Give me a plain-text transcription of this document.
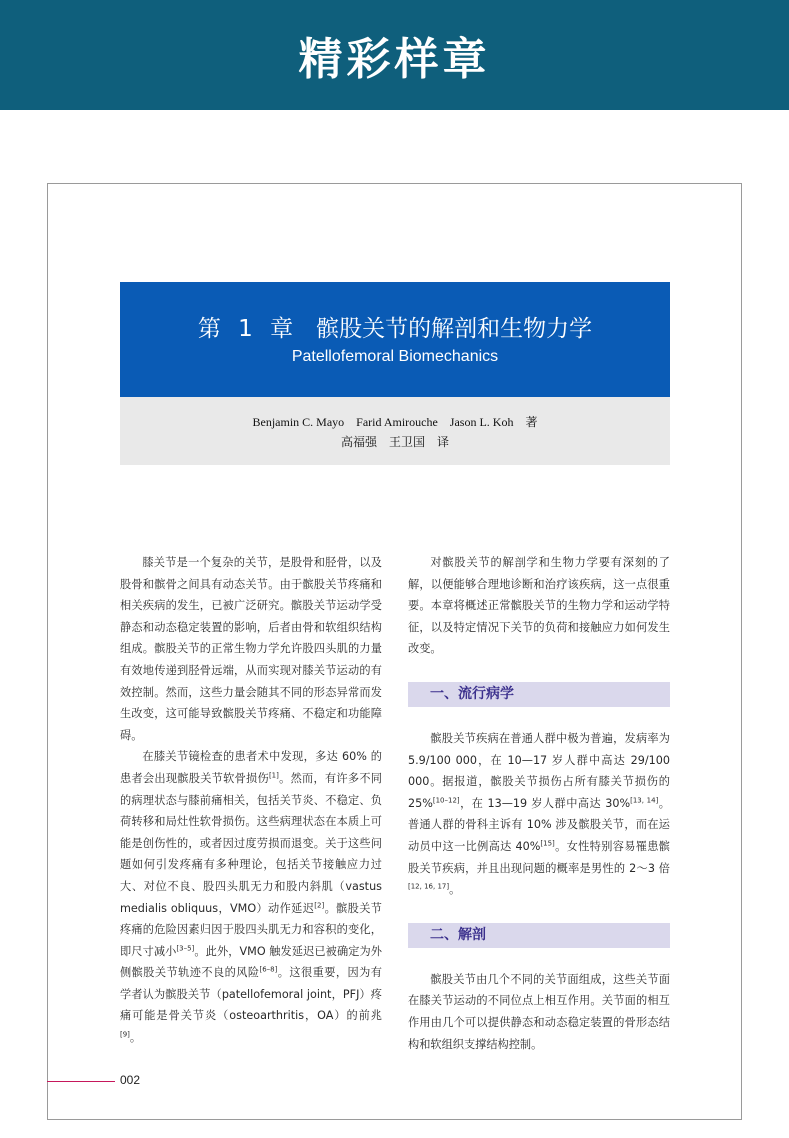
精彩样章
第 1 章　髌股关节的解剖和生物力学
Patellofemoral Biomechanics
Benjamin C. Mayo　Farid Amirouche　Jason L. Koh　著
高福强　王卫国　译

膝关节是一个复杂的关节，是股骨和胫骨，以及股骨和髌骨之间具有动态关节。由于髌股关节疼痛和相关疾病的发生，已被广泛研究。髌股关节运动学受静态和动态稳定装置的影响，后者由骨和软组织结构组成。髌股关节的正常生物力学允许股四头肌的力量有效地传递到胫骨远端，从而实现对膝关节运动的有效控制。然而，这些力量会随其不同的形态异常而发生改变，这可能导致髌股关节疼痛、不稳定和功能障碍。

在膝关节镜检查的患者术中发现，多达 60% 的患者会出现髌股关节软骨损伤[1]。然而，有许多不同的病理状态与膝前痛相关，包括关节炎、不稳定、负荷转移和局灶性软骨损伤。这些病理状态在本质上可能是创伤性的，或者因过度劳损而退变。关于这些问题如何引发疼痛有多种理论，包括关节接触应力过大、对位不良、股四头肌无力和股内斜肌（vastus medialis obliquus，VMO）动作延迟[2]。髌股关节疼痛的危险因素归因于股四头肌无力和容积的变化，即尺寸减小[3–5]。此外，VMO 触发延迟已被确定为外侧髌股关节轨迹不良的风险[6–8]。这很重要，因为有学者认为髌股关节（patellofemoral joint，PFJ）疼痛可能是骨关节炎（osteoarthritis，OA）的前兆[9]。

对髌股关节的解剖学和生物力学要有深刻的了解，以便能够合理地诊断和治疗该疾病，这一点很重要。本章将概述正常髌股关节的生物力学和运动学特征，以及特定情况下关节的负荷和接触应力如何发生改变。

一、流行病学

髌股关节疾病在普通人群中极为普遍，发病率为 5.9/100 000，在 10—17 岁人群中高达 29/100 000。据报道，髌股关节损伤占所有膝关节损伤的 25%[10–12]，在 13—19 岁人群中高达 30%[13, 14]。普通人群的骨科主诉有 10% 涉及髌股关节，而在运动员中这一比例高达 40%[15]。女性特别容易罹患髌股关节疾病，并且出现问题的概率是男性的 2～3 倍[12, 16, 17]。

二、解剖

髌股关节由几个不同的关节面组成，这些关节面在膝关节运动的不同位点上相互作用。关节面的相互作用由几个可以提供静态和动态稳定装置的骨形态结构和软组织支撑结构控制。

002
